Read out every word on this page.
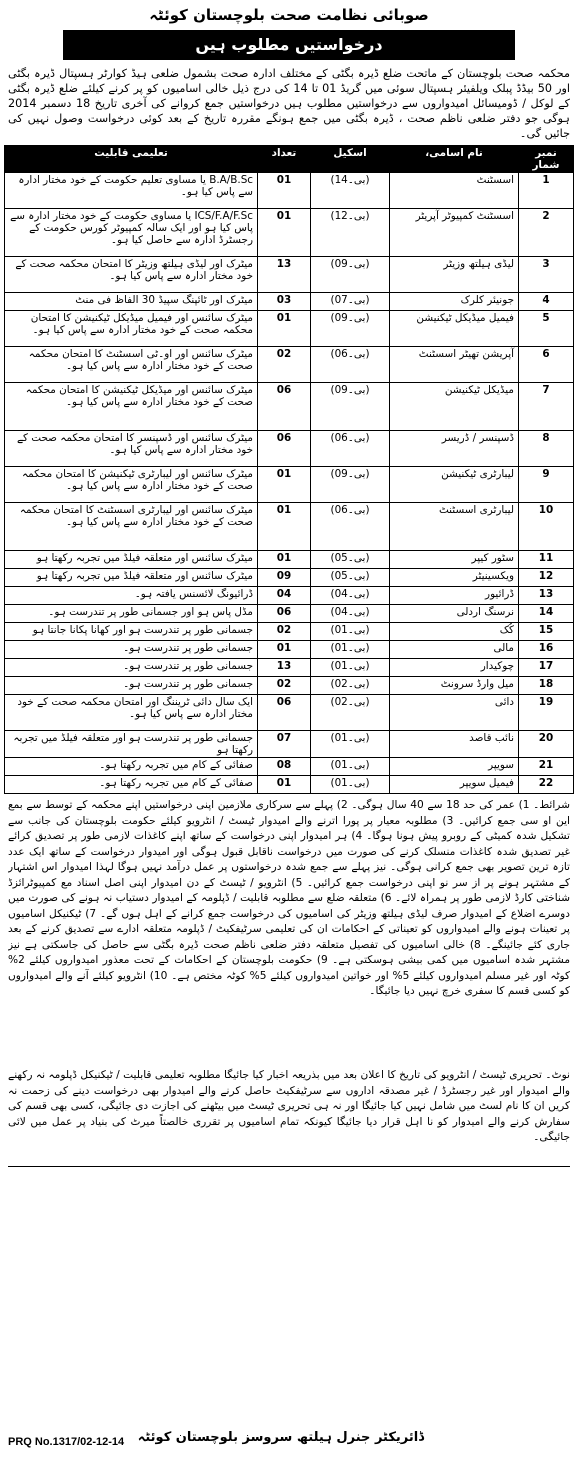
صوبائی نظامت صحت بلوچستان کوئٹہ
درخواستیں مطلوب ہیں
محکمہ صحت بلوچستان کے ماتحت ضلع ڈیرہ بگٹی کے مختلف ادارہ صحت بشمول ضلعی ہیڈ کوارٹر ہسپتال ڈیرہ بگٹی اور 50 بیڈڈ پبلک ویلفیئر ہسپتال سوئی میں گریڈ 01 تا 14 کی درج ذیل خالی اسامیوں کو پر کرنے کیلئے ضلع ڈیرہ بگٹی کے لوکل / ڈومیسائل امیدواروں سے درخواستیں مطلوب ہیں درخواستیں جمع کروانے کی آخری تاریخ 18 دسمبر 2014 ہوگی جو دفتر ضلعی ناظم صحت ، ڈیرہ بگٹی میں جمع ہونگے مقررہ تاریخ کے بعد کوئی درخواست وصول نہیں کی جائیں گی۔
نمبر شمار	نام اسامی،	اسکیل	تعداد	تعلیمی قابلیت
1	اسسٹنٹ	(بی۔14)	01	B.A/B.Sc یا مساوی تعلیم حکومت کے خود مختار ادارہ سے پاس کیا ہو۔
2	اسسٹنٹ کمپیوٹر آپریٹر	(بی۔12)	01	ICS/F.A/F.Sc یا مساوی حکومت کے خود مختار ادارہ سے پاس کیا ہو اور ایک سالہ کمپیوٹر کورس حکومت کے رجسٹرڈ ادارہ سے حاصل کیا ہو۔
3	لیڈی ہیلتھ وزیٹر	(بی۔09)	13	میٹرک اور لیڈی ہیلتھ وزیٹر کا امتحان محکمہ صحت کے خود مختار ادارہ سے پاس کیا ہو۔
4	جونیئر کلرک	(بی۔07)	03	میٹرک اور ٹائپنگ سپیڈ 30 الفاظ فی منٹ
5	فیمیل میڈیکل ٹیکنیشن	(بی۔09)	01	میٹرک سائنس اور فیمیل میڈیکل ٹیکنیشن کا امتحان محکمہ صحت کے خود مختار ادارہ سے پاس کیا ہو۔
6	آپریشن تھیٹر اسسٹنٹ	(بی۔06)	02	میٹرک سائنس اور او۔ٹی اسسٹنٹ کا امتحان محکمہ صحت کے خود مختار ادارہ سے پاس کیا ہو۔
7	میڈیکل ٹیکنیشن	(بی۔09)	06	میٹرک سائنس اور میڈیکل ٹیکنیشن کا امتحان محکمہ صحت کے خود مختار ادارہ سے پاس کیا ہو۔
8	ڈسپنسر / ڈریسر	(بی۔06)	06	میٹرک سائنس اور ڈسپنسر کا امتحان محکمہ صحت کے خود مختار ادارہ سے پاس کیا ہو۔
9	لیبارٹری ٹیکنیشن	(بی۔09)	01	میٹرک سائنس اور لیبارٹری ٹیکنیشن کا امتحان محکمہ صحت کے خود مختار ادارہ سے پاس کیا ہو۔
10	لیبارٹری اسسٹنٹ	(بی۔06)	01	میٹرک سائنس اور لیبارٹری اسسٹنٹ کا امتحان محکمہ صحت کے خود مختار ادارہ سے پاس کیا ہو۔
11	سٹور کیپر	(بی۔05)	01	میٹرک سائنس اور متعلقہ فیلڈ میں تجربہ رکھتا ہو
12	ویکسینیٹر	(بی۔05)	09	میٹرک سائنس اور متعلقہ فیلڈ میں تجربہ رکھتا ہو
13	ڈرائیور	(بی۔04)	04	ڈرائیونگ لائسنس یافتہ ہو۔
14	نرسنگ اردلی	(بی۔04)	06	مڈل پاس ہو اور جسمانی طور پر تندرست ہو۔
15	کُک	(بی۔01)	02	جسمانی طور پر تندرست ہو اور کھانا پکانا جانتا ہو
16	مالی	(بی۔01)	01	جسمانی طور پر تندرست ہو۔
17	چوکیدار	(بی۔01)	13	جسمانی طور پر تندرست ہو۔
18	میل وارڈ سرونٹ	(بی۔02)	02	جسمانی طور پر تندرست ہو۔
19	دائی	(بی۔02)	06	ایک سال دائی ٹریننگ اور امتحان محکمہ صحت کے خود مختار ادارہ سے پاس کیا ہو۔
20	نائب قاصد	(بی۔01)	07	جسمانی طور پر تندرست ہو اور متعلقہ فیلڈ میں تجربہ رکھتا ہو
21	سویپر	(بی۔01)	08	صفائی کے کام میں تجربہ رکھتا ہو۔
22	فیمیل سویپر	(بی۔01)	01	صفائی کے کام میں تجربہ رکھتا ہو۔
شرائط۔ 1) عمر کی حد 18 سے 40 سال ہوگی۔ 2) پہلے سے سرکاری ملازمین اپنی درخواستیں اپنے محکمہ کے توسط سے بمع این او سی جمع کرائیں۔ 3) مطلوبہ معیار پر پورا اترنے والے امیدوار ٹیسٹ / انٹرویو کیلئے حکومت بلوچستان کی جانب سے تشکیل شدہ کمیٹی کے روبرو پیش ہونا ہوگا۔ 4) ہر امیدوار اپنی درخواست کے ساتھ اپنے کاغذات لازمی طور پر تصدیق کرائے غیر تصدیق شدہ کاغذات منسلک کرنے کی صورت میں درخواست ناقابل قبول ہوگی اور امیدوار درخواست کے ساتھ ایک عدد تازہ ترین تصویر بھی جمع کرانی ہوگی۔ نیز پہلے سے جمع شدہ درخواستوں پر عمل درآمد نہیں ہوگا لہذا امیدوار اس اشتہار کے مشتہر ہونے پر از سر نو اپنی درخواست جمع کرائیں۔ 5) انٹرویو / ٹیسٹ کے دن امیدوار اپنی اصل اسناد مع کمپیوٹرائزڈ شناختی کارڈ لازمی طور پر ہمراہ لائے۔ 6) متعلقہ ضلع سے مطلوبہ قابلیت / ڈپلومہ کے امیدوار دستیاب نہ ہونے کی صورت میں دوسرے اضلاع کے امیدوار صرف لیڈی ہیلتھ وزیٹر کی اسامیوں کی درخواست جمع کرانے کے اہل ہوں گے۔ 7) ٹیکنیکل اسامیوں پر تعینات ہونے والے امیدواروں کو تعیناتی کے احکامات ان کی تعلیمی سرٹیفکیٹ / ڈپلومہ متعلقہ ادارے سے تصدیق کرنے کے بعد جاری کئے جائینگے۔ 8) خالی اسامیوں کی تفصیل متعلقہ دفتر ضلعی ناظم صحت ڈیرہ بگٹی سے حاصل کی جاسکتی ہے نیز مشتہر شدہ اسامیوں میں کمی بیشی ہوسکتی ہے۔ 9) حکومت بلوچستان کے احکامات کے تحت معذور امیدواروں کیلئے 2% کوٹہ اور غیر مسلم امیدواروں کیلئے 5% اور خواتین امیدواروں کیلئے 5% کوٹہ مختص ہے۔ 10) انٹرویو کیلئے آنے والے امیدواروں کو کسی قسم کا سفری خرچ نہیں دیا جائیگا۔
نوٹ۔ تحریری ٹیسٹ / انٹرویو کی تاریخ کا اعلان بعد میں بذریعہ اخبار کیا جائیگا مطلوبہ تعلیمی قابلیت / ٹیکنیکل ڈپلومہ نہ رکھنے والے امیدوار اور غیر رجسٹرڈ / غیر مصدقہ اداروں سے سرٹیفکیٹ حاصل کرنے والے امیدوار بھی درخواست دینے کی زحمت نہ کریں ان کا نام لسٹ میں شامل نہیں کیا جائیگا اور نہ ہی تحریری ٹیسٹ میں بیٹھنے کی اجازت دی جائیگی، کسی بھی قسم کی سفارش کرنے والے امیدوار کو نا اہل قرار دیا جائیگا کیونکہ تمام اسامیوں پر تقرری خالصتاً میرٹ کی بنیاد پر عمل میں لائی جائیگی۔
PRQ No.1317/02-12-14 ڈائریکٹر جنرل ہیلتھ سروسز بلوچستان کوئٹہ
